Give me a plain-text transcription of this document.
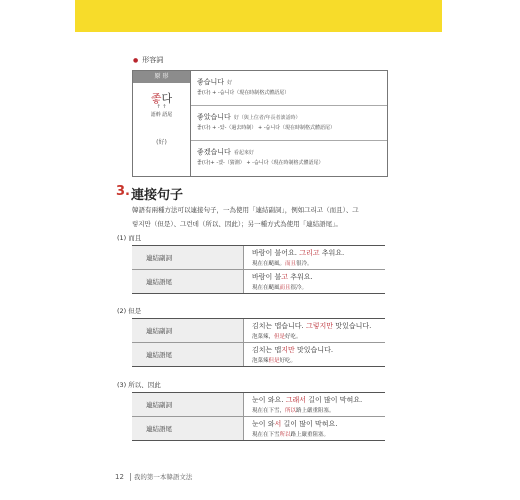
● 形容詞
原 形
좋다
↑ ↑
語幹 語尾
(好)
좋습니다 好
좋(다) + -습니다（現在時制格式體語尾）
좋았습니다 好（與上位者/年長者談話時）
좋(다) + -았-（過去時制） + -습니다（現在時制格式體語尾）
좋겠습니다 看起來好
좋(다)+ -겠-（猜測） + -습니다（現在時制格式體語尾）
3. 連接句子
韓語有兩種方法可以連接句子，一為使用「連結副詞」，例如그리고（而且）、그
렇지만（但是）、그런데（所以、因此）；另一種方式為使用「連結語尾」。
(1) 而且
連結副詞
바람이 불어요. 그리고 추워요.
現在在颳風。而且很冷。
連結語尾
바람이 불고 추워요.
現在在颳風而且很冷。
(2) 但是
連結副詞
김치는 맵습니다. 그렇지만 맛있습니다.
泡菜辣，但是好吃。
連結語尾
김치는 맵지만 맛있습니다.
泡菜辣但是好吃。
(3) 所以、因此
連結副詞
눈이 와요. 그래서 길이 많이 막혀요.
現在在下雪，所以路上嚴重阻塞。
連結語尾
눈이 와서 길이 많이 막혀요.
現在在下雪所以路上嚴重阻塞。
12 我的第一本韓語文法
